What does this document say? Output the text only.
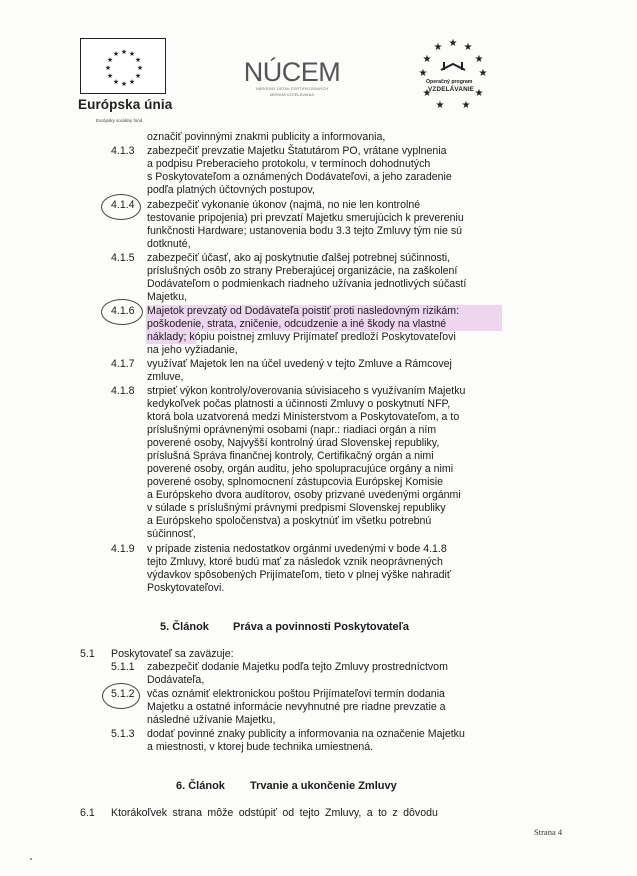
★ ★
★
★
★
★
★
★
★
★
★
★
Európska únia
Európsky sociálny fond
NÚCEM
NÁRODNÝ ÚSTAV CERTIFIKOVANÝCH
MERANÍ VZDELÁVANIA
★
★ ★
★	★
★	★
★	★
★ ★
Operačný program
VZDELÁVANIE
označiť povinnými znakmi publicity a informovania,
4.1.3 zabezpečiť prevzatie Majetku Štatutárom PO, vrátane vyplnenia
a podpisu Preberacieho protokolu, v termínoch dohodnutých
s Poskytovateľom a oznámených Dodávateľovi, a jeho zaradenie
podľa platných účtovných postupov,
4.1.4 zabezpečiť vykonanie úkonov (najmä, no nie len kontrolné
testovanie pripojenia) pri prevzatí Majetku smerujúcich k prevereniu
funkčnosti Hardware; ustanovenia bodu 3.3 tejto Zmluvy tým nie sú
dotknuté,
4.1.5 zabezpečiť účasť, ako aj poskytnutie ďalšej potrebnej súčinnosti,
príslušných osôb zo strany Preberajúcej organizácie, na zaškolení
Dodávateľom o podmienkach riadneho užívania jednotlivých súčastí
Majetku,
4.1.6 Majetok prevzatý od Dodávateľa poistiť proti nasledovným rizikám:
poškodenie, strata, zničenie, odcudzenie a iné škody na vlastné
náklady; kópiu poistnej zmluvy Prijímateľ predloží Poskytovateľovi
na jeho vyžiadanie,
4.1.7 využívať Majetok len na účel uvedený v tejto Zmluve a Rámcovej
zmluve,
4.1.8 strpieť výkon kontroly/overovania súvisiaceho s využívaním Majetku
kedykoľvek počas platnosti a účinnosti Zmluvy o poskytnutí NFP,
ktorá bola uzatvorená medzi Ministerstvom a Poskytovateľom, a to
príslušnými oprávnenými osobami (napr.: riadiaci orgán a ním
poverené osoby, Najvyšší kontrolný úrad Slovenskej republiky,
príslušná Správa finančnej kontroly, Certifikačný orgán a nimi
poverené osoby, orgán auditu, jeho spolupracujúce orgány a nimi
poverené osoby, splnomocnení zástupcovia Európskej Komisie
a Európskeho dvora audítorov, osoby prizvané uvedenými orgánmi
v súlade s príslušnými právnymi predpismi Slovenskej republiky
a Európskeho spoločenstva) a poskytnúť im všetku potrebnú
súčinnosť,
4.1.9 v prípade zistenia nedostatkov orgánmi uvedenými v bode 4.1.8
tejto Zmluvy, ktoré budú mať za následok vznik neoprávnených
výdavkov spôsobených Prijímateľom, tieto v plnej výške nahradiť
Poskytovateľovi.
5. Článok Práva a povinnosti Poskytovateľa
5.1 Poskytovateľ sa zaväzuje:
5.1.1 zabezpečiť dodanie Majetku podľa tejto Zmluvy prostredníctvom
Dodávateľa,
5.1.2 včas oznámiť elektronickou poštou Prijímateľovi termín dodania
Majetku a ostatné informácie nevyhnutné pre riadne prevzatie a
následné užívanie Majetku,
5.1.3 dodať povinné znaky publicity a informovania na označenie Majetku
a miestnosti, v ktorej bude technika umiestnená.
6. Článok Trvanie a ukončenie Zmluvy
6.1 Ktorákoľvek strana môže odstúpiť od tejto Zmluvy, a to z dôvodu
Strana 4
